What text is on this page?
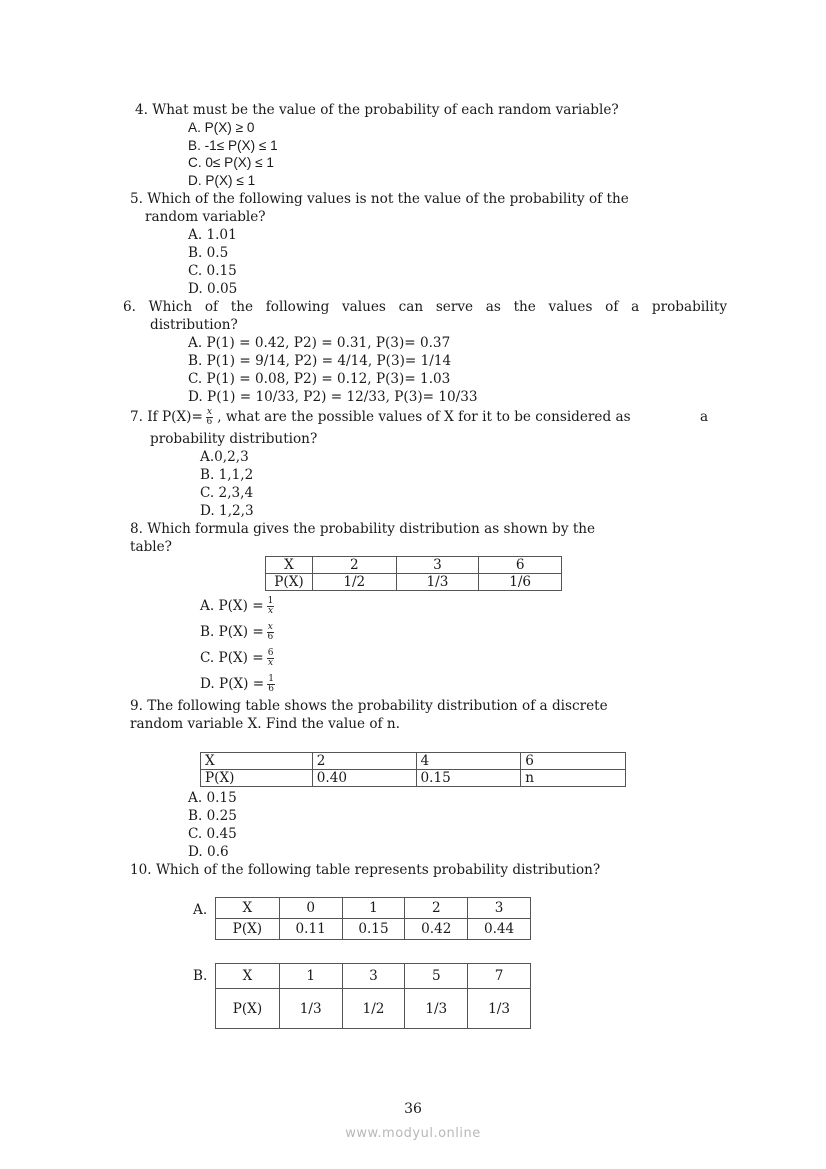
4. What must be the value of the probability of each random variable?
A. P(X) ≥ 0
B. -1≤ P(X) ≤ 1
C. 0≤ P(X) ≤ 1
D. P(X) ≤ 1
5. Which of the following values is not the value of the probability of the
random variable?
A. 1.01
B. 0.5
C. 0.15
D. 0.05
6. Which of the following values can serve as the values of a probability
distribution?
A. P(1) = 0.42, P2) = 0.31, P(3)= 0.37
B. P(1) = 9/14, P2) = 4/14, P(3)= 1/14
C. P(1) = 0.08, P2) = 0.12, P(3)= 1.03
D. P(1) = 10/33, P2) = 12/33, P(3)= 10/33
7. If $P(X)= \frac{x}{6}$ , what are the possible values of X for it to be considered as	a
probability distribution?
A.0,2,3
B. 1,1,2
C. 2,3,4
D. 1,2,3
8. Which formula gives the probability distribution as shown by the
table?
X	2	3	6
P(X)	1/2	1/3	1/6
A. $P(X) = \frac{1}{x}$
B. $P(X) = \frac{x}{6}$
C. $P(X) = \frac{6}{x}$
D. $P(X) = \frac{1}{6}$
9. The following table shows the probability distribution of a discrete
random variable X. Find the value of n.
X	2	4	6
P(X)	0.40	0.15	n
A. 0.15
B. 0.25
C. 0.45
D. 0.6
10. Which of the following table represents probability distribution?
A.	X	0	1	2	3
P(X)	0.11	0.15	0.42	0.44
B.	X	1	3	5	7
P(X)	1/3	1/2	1/3	1/3
36
www.modyul.online
